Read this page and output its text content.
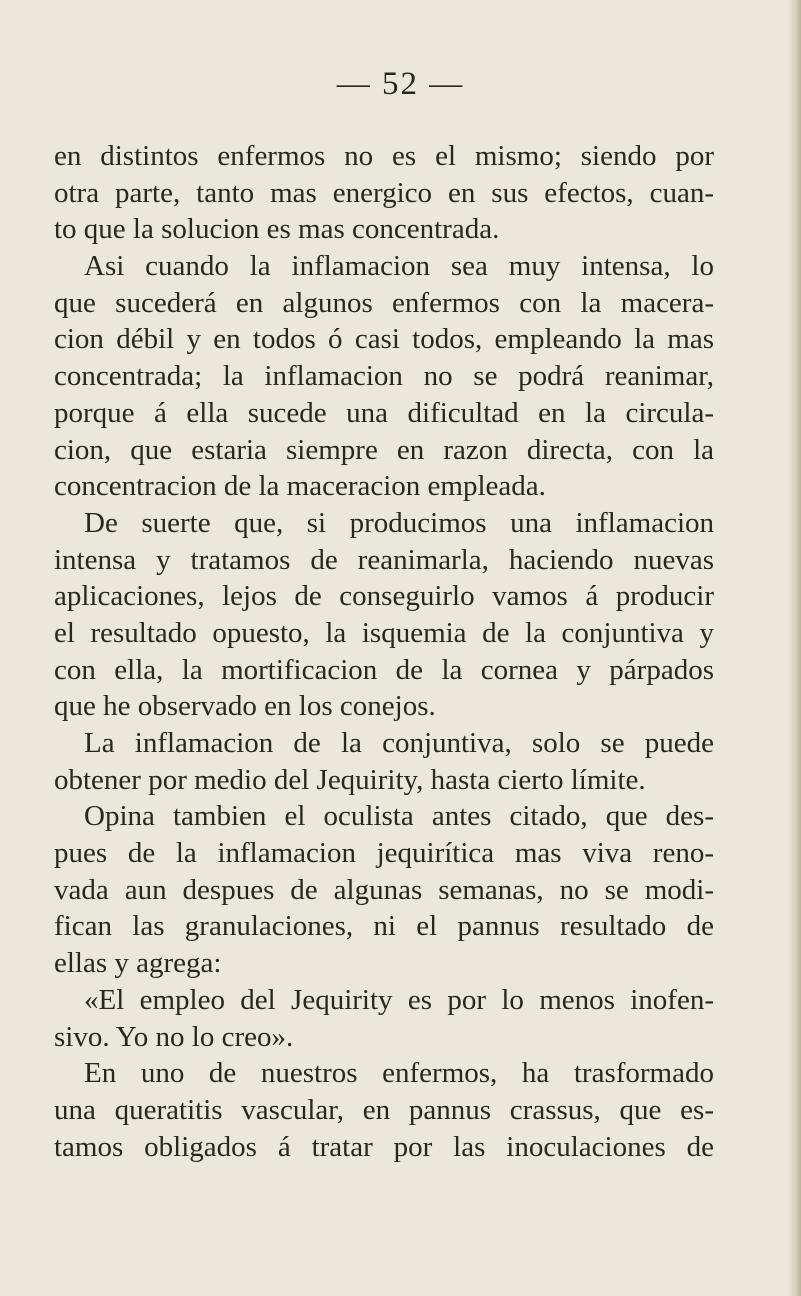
— 52 —
en distintos enfermos no es el mismo; siendo por
otra parte, tanto mas energico en sus efectos, cuan-
to que la solucion es mas concentrada.
Asi cuando la inflamacion sea muy intensa, lo
que sucederá en algunos enfermos con la macera-
cion débil y en todos ó casi todos, empleando la mas
concentrada; la inflamacion no se podrá reanimar,
porque á ella sucede una dificultad en la circula-
cion, que estaria siempre en razon directa, con la
concentracion de la maceracion empleada.
De suerte que, si producimos una inflamacion
intensa y tratamos de reanimarla, haciendo nuevas
aplicaciones, lejos de conseguirlo vamos á producir
el resultado opuesto, la isquemia de la conjuntiva y
con ella, la mortificacion de la cornea y párpados
que he observado en los conejos.
La inflamacion de la conjuntiva, solo se puede
obtener por medio del Jequirity, hasta cierto límite.
Opina tambien el oculista antes citado, que des-
pues de la inflamacion jequirítica mas viva reno-
vada aun despues de algunas semanas, no se modi-
fican las granulaciones, ni el pannus resultado de
ellas y agrega:
«El empleo del Jequirity es por lo menos inofen-
sivo. Yo no lo creo».
En uno de nuestros enfermos, ha trasformado
una queratitis vascular, en pannus crassus, que es-
tamos obligados á tratar por las inoculaciones de
